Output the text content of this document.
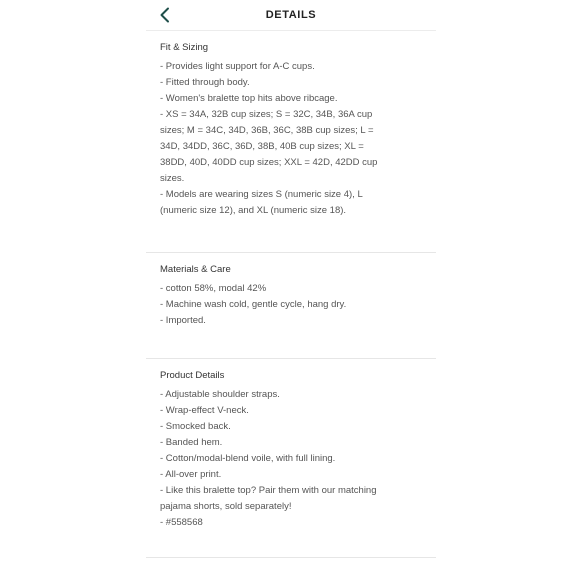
DETAILS
Fit & Sizing
- Provides light support for A-C cups.
- Fitted through body.
- Women's bralette top hits above ribcage.
- XS = 34A, 32B cup sizes; S = 32C, 34B, 36A cup
sizes; M = 34C, 34D, 36B, 36C, 38B cup sizes; L =
34D, 34DD, 36C, 36D, 38B, 40B cup sizes; XL =
38DD, 40D, 40DD cup sizes; XXL = 42D, 42DD cup
sizes.
- Models are wearing sizes S (numeric size 4), L
(numeric size 12), and XL (numeric size 18).
Materials & Care
- cotton 58%, modal 42%
- Machine wash cold, gentle cycle, hang dry.
- Imported.
Product Details
- Adjustable shoulder straps.
- Wrap-effect V-neck.
- Smocked back.
- Banded hem.
- Cotton/modal-blend voile, with full lining.
- All-over print.
- Like this bralette top? Pair them with our matching
pajama shorts, sold separately!
- #558568
